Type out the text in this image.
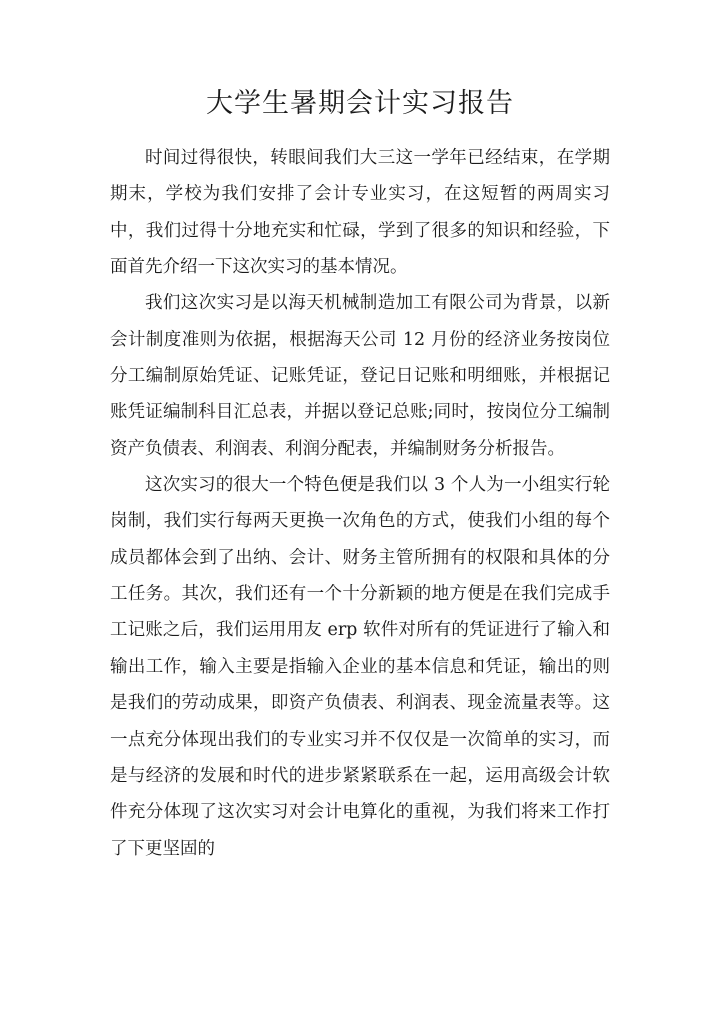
大学生暑期会计实习报告

时间过得很快，转眼间我们大三这一学年已经结束，在学期期末，学校为我们安排了会计专业实习，在这短暂的两周实习中，我们过得十分地充实和忙碌，学到了很多的知识和经验，下面首先介绍一下这次实习的基本情况。

我们这次实习是以海天机械制造加工有限公司为背景，以新会计制度准则为依据，根据海天公司 12 月份的经济业务按岗位分工编制原始凭证、记账凭证，登记日记账和明细账，并根据记账凭证编制科目汇总表，并据以登记总账;同时，按岗位分工编制资产负债表、利润表、利润分配表，并编制财务分析报告。

这次实习的很大一个特色便是我们以 3 个人为一小组实行轮岗制，我们实行每两天更换一次角色的方式，使我们小组的每个成员都体会到了出纳、会计、财务主管所拥有的权限和具体的分工任务。其次，我们还有一个十分新颖的地方便是在我们完成手工记账之后，我们运用用友 erp 软件对所有的凭证进行了输入和输出工作，输入主要是指输入企业的基本信息和凭证，输出的则是我们的劳动成果，即资产负债表、利润表、现金流量表等。这一点充分体现出我们的专业实习并不仅仅是一次简单的实习，而是与经济的发展和时代的进步紧紧联系在一起，运用高级会计软件充分体现了这次实习对会计电算化的重视，为我们将来工作打了下更坚固的
